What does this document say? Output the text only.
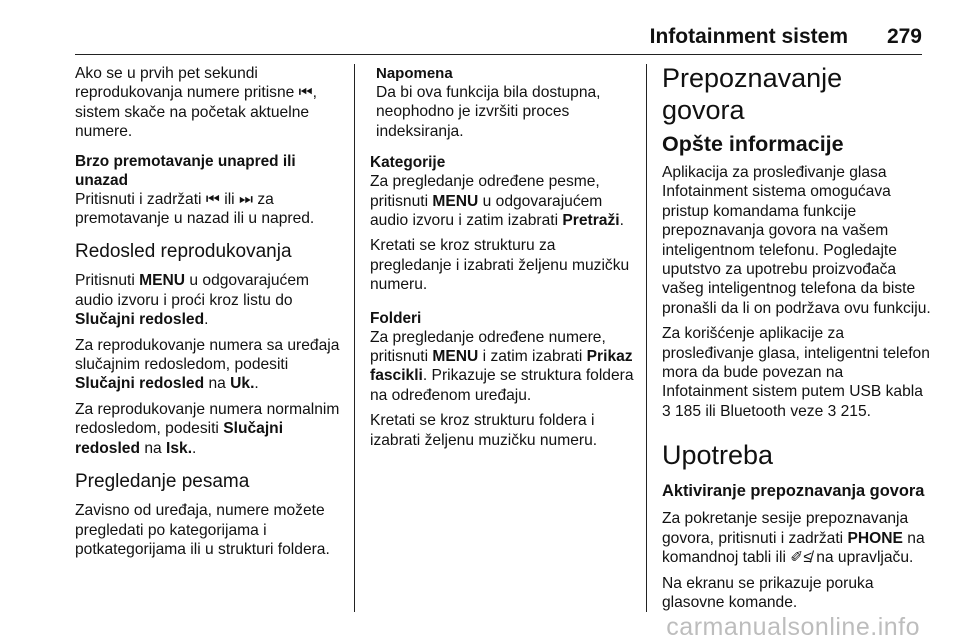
Infotainment sistem 279

Ako se u prvih pet sekundi reprodukovanja numere pritisne ⏮, sistem skače na početak aktuelne numere.

Brzo premotavanje unapred ili unazad

Pritisnuti i zadržati ⏮ ili ⏭ za premotavanje u nazad ili u napred.

Redosled reprodukovanja

Pritisnuti MENU u odgovarajućem audio izvoru i proći kroz listu do Slučajni redosled.

Za reprodukovanje numera sa uređaja slučajnim redosledom, podesiti Slučajni redosled na Uk..

Za reprodukovanje numera normalnim redosledom, podesiti Slučajni redosled na Isk..

Pregledanje pesama

Zavisno od uređaja, numere možete pregledati po kategorijama i potkategorijama ili u strukturi foldera.

Napomena

Da bi ova funkcija bila dostupna, neophodno je izvršiti proces indeksiranja.

Kategorije

Za pregledanje određene pesme, pritisnuti MENU u odgovarajućem audio izvoru i zatim izabrati Pretraži.

Kretati se kroz strukturu za pregledanje i izabrati željenu muzičku numeru.

Folderi

Za pregledanje određene numere, pritisnuti MENU i zatim izabrati Prikaz fascikli. Prikazuje se struktura foldera na određenom uređaju.

Kretati se kroz strukturu foldera i izabrati željenu muzičku numeru.

Prepoznavanje govora
Opšte informacije

Aplikacija za prosleđivanje glasa Infotainment sistema omogućava pristup komandama funkcije prepoznavanja govora na vašem inteligentnom telefonu. Pogledajte uputstvo za upotrebu proizvođača vašeg inteligentnog telefona da biste pronašli da li on podržava ovu funkciju.

Za korišćenje aplikacije za prosleđivanje glasa, inteligentni telefon mora da bude povezan na Infotainment sistem putem USB kabla 3 185 ili Bluetooth veze 3 215.

Upotreba
Aktiviranje prepoznavanja govora

Za pokretanje sesije prepoznavanja govora, pritisnuti i zadržati PHONE na komandnoj tabli ili ✐≰ na upravljaču.

Na ekranu se prikazuje poruka glasovne komande.

carmanualsonline.info
